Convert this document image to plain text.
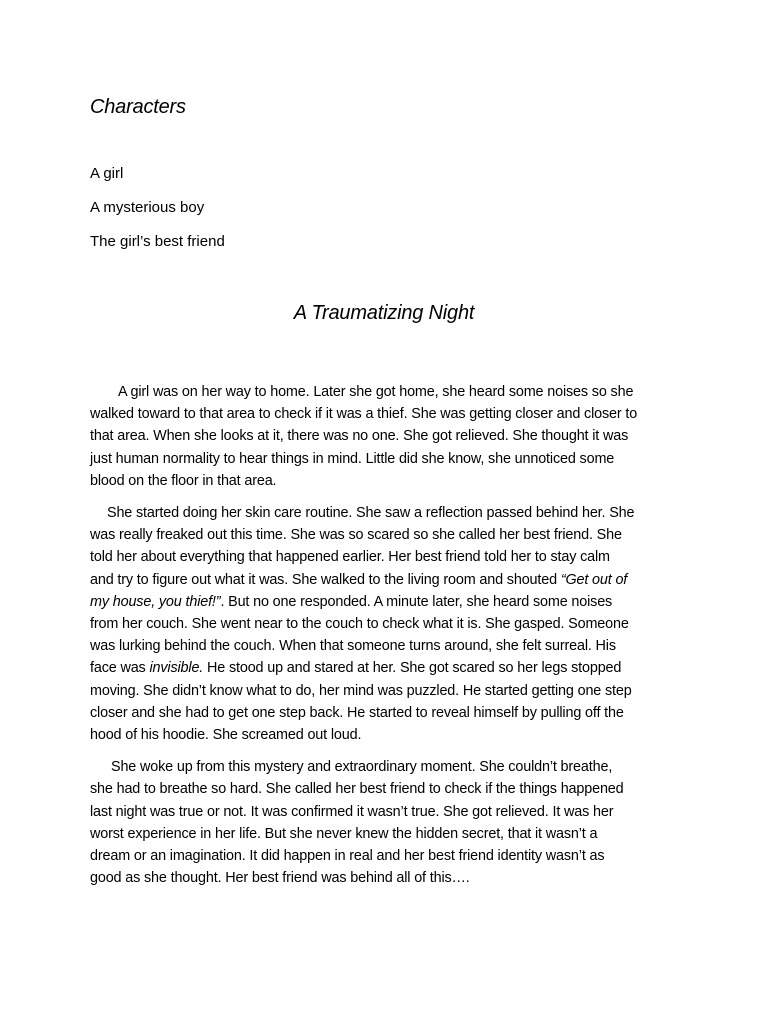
Characters
A girl
A mysterious boy
The girl’s best friend
A Traumatizing Night

A girl was on her way to home. Later she got home, she heard some noises so she
walked toward to that area to check if it was a thief. She was getting closer and closer to
that area. When she looks at it, there was no one. She got relieved. She thought it was
just human normality to hear things in mind. Little did she know, she unnoticed some
blood on the floor in that area.

She started doing her skin care routine. She saw a reflection passed behind her. She
was really freaked out this time. She was so scared so she called her best friend. She
told her about everything that happened earlier. Her best friend told her to stay calm
and try to figure out what it was. She walked to the living room and shouted “Get out of
my house, you thief!”. But no one responded. A minute later, she heard some noises
from her couch. She went near to the couch to check what it is. She gasped. Someone
was lurking behind the couch. When that someone turns around, she felt surreal. His
face was invisible. He stood up and stared at her. She got scared so her legs stopped
moving. She didn’t know what to do, her mind was puzzled. He started getting one step
closer and she had to get one step back. He started to reveal himself by pulling off the
hood of his hoodie. She screamed out loud.

She woke up from this mystery and extraordinary moment. She couldn’t breathe,
she had to breathe so hard. She called her best friend to check if the things happened
last night was true or not. It was confirmed it wasn’t true. She got relieved. It was her
worst experience in her life. But she never knew the hidden secret, that it wasn’t a
dream or an imagination. It did happen in real and her best friend identity wasn’t as
good as she thought. Her best friend was behind all of this….
